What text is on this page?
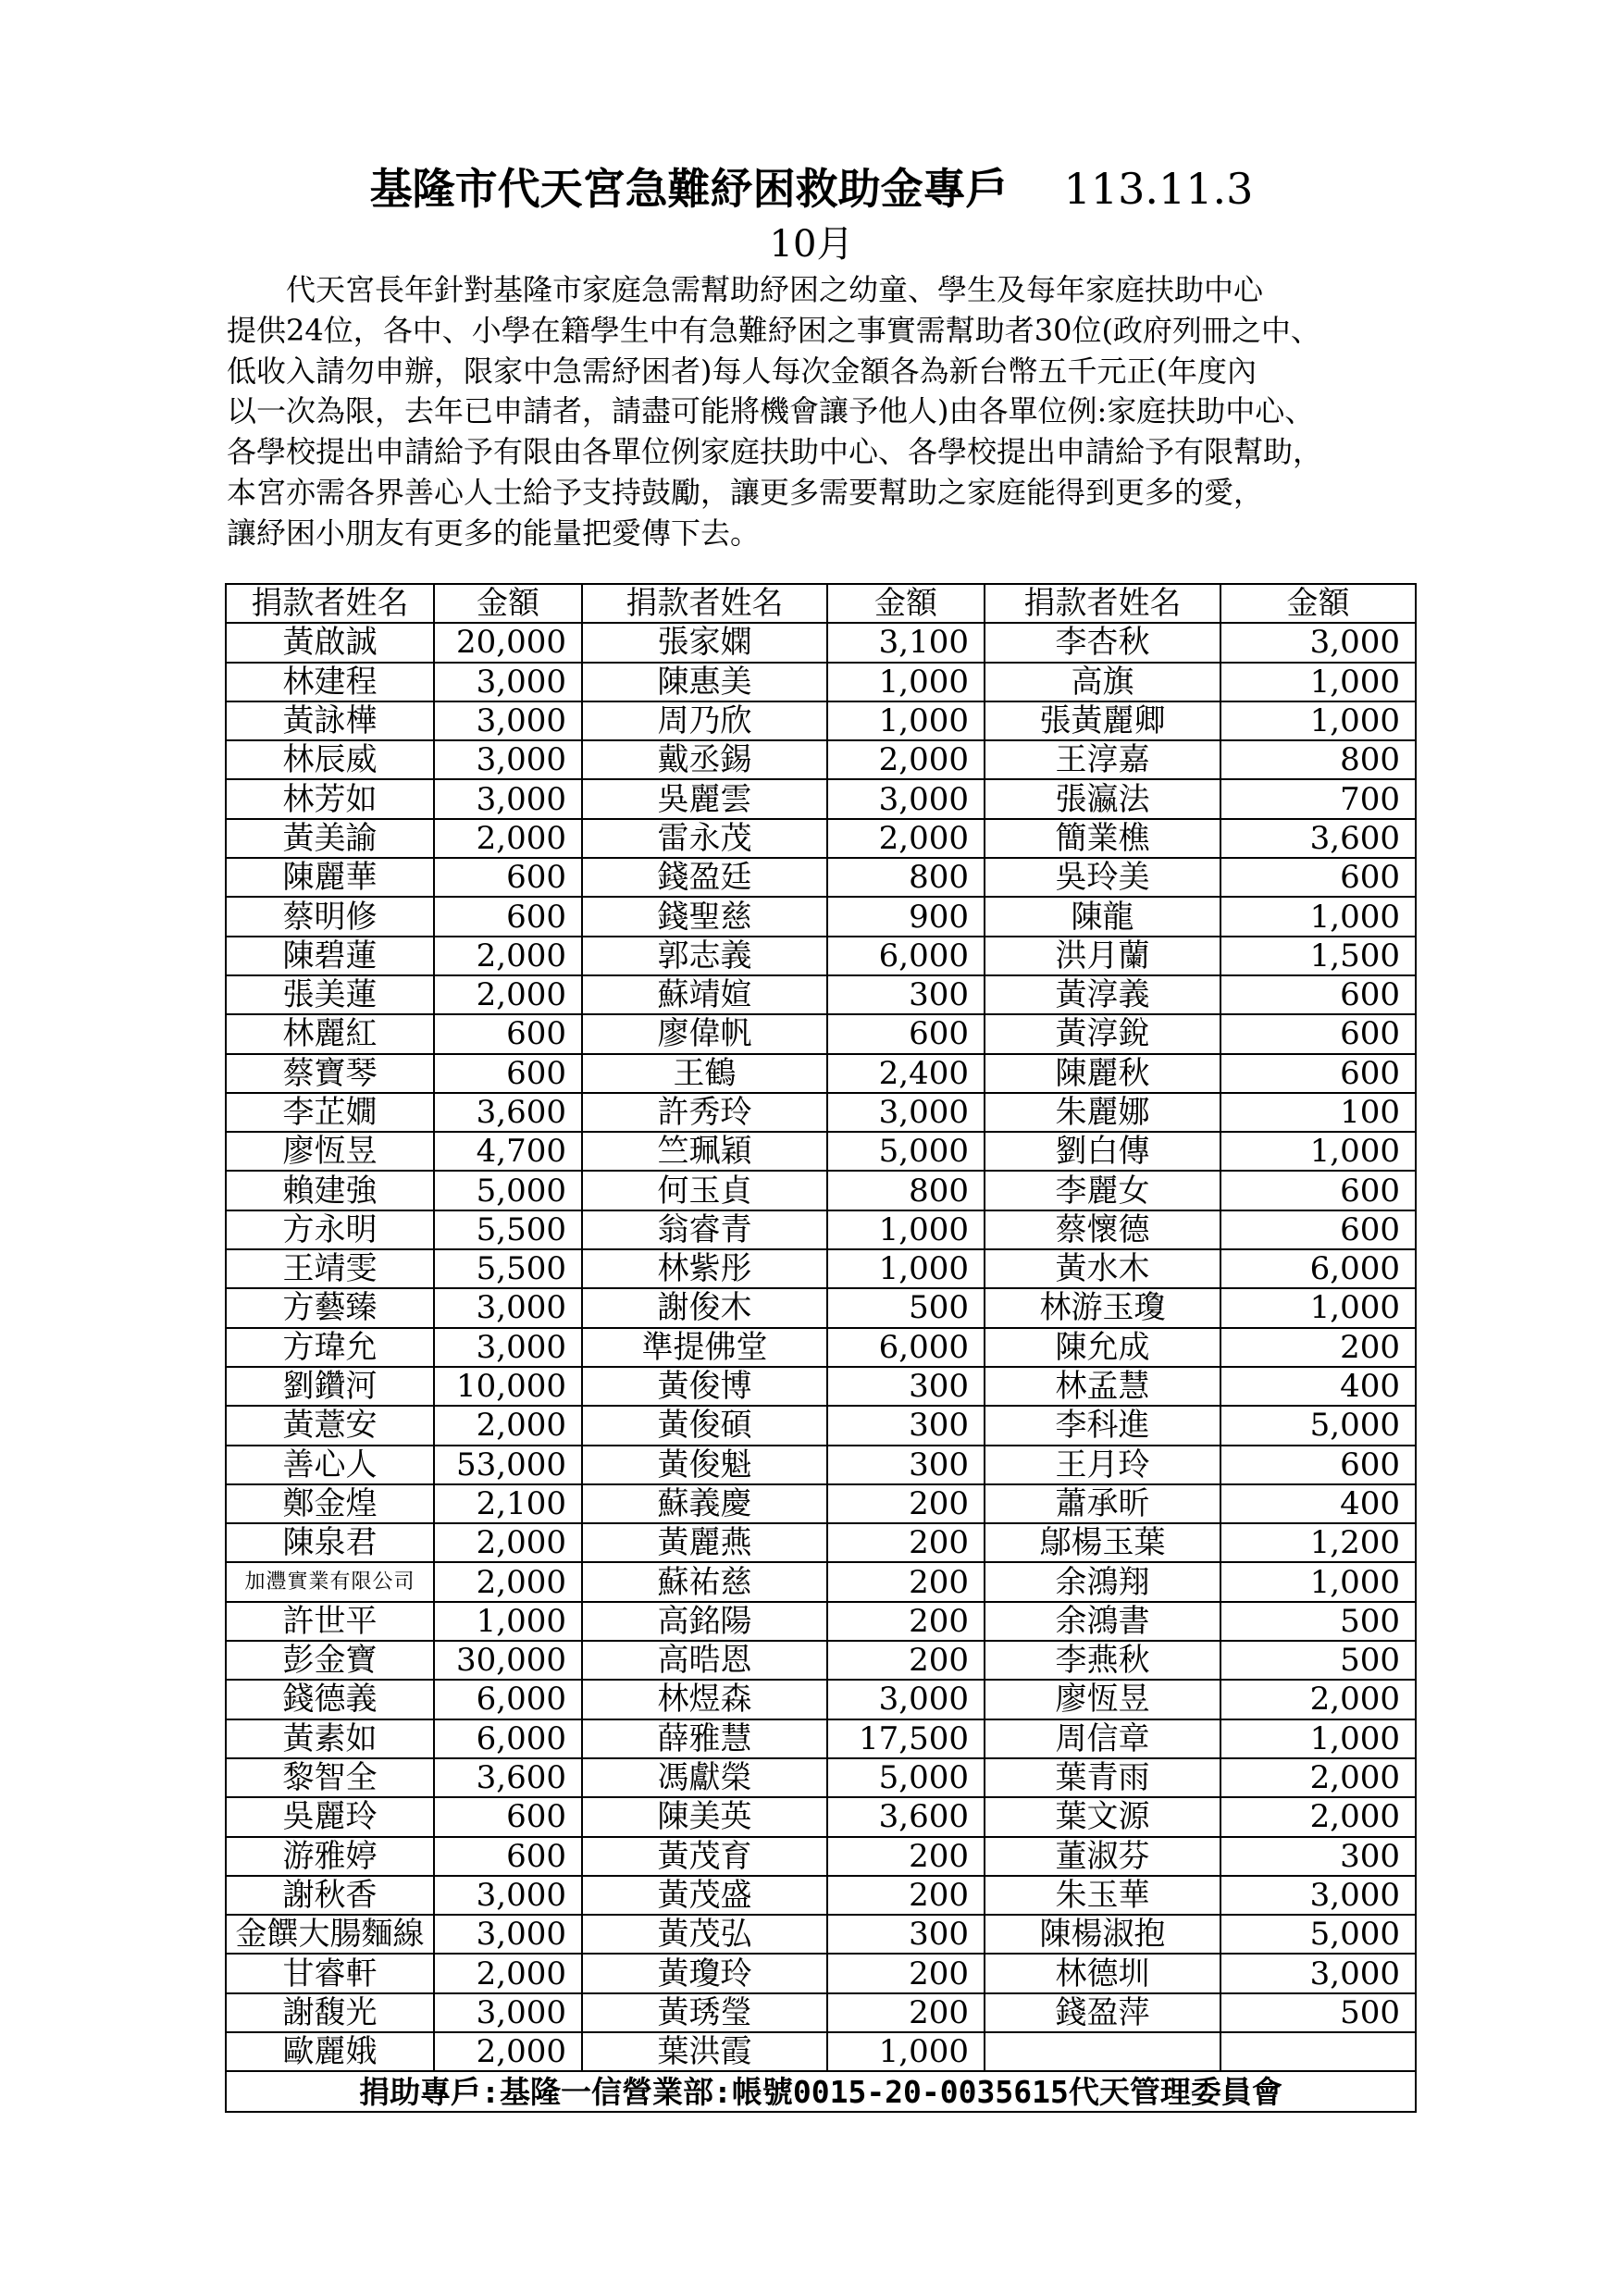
基隆市代天宮急難紓困救助金專戶 113.11.3
10月
　　代天宮長年針對基隆市家庭急需幫助紓困之幼童、學生及每年家庭扶助中心
提供24位，各中、小學在籍學生中有急難紓困之事實需幫助者30位(政府列冊之中、
低收入請勿申辦，限家中急需紓困者)每人每次金額各為新台幣五千元正(年度內
以一次為限，去年已申請者，請盡可能將機會讓予他人)由各單位例:家庭扶助中心、
各學校提出申請給予有限由各單位例家庭扶助中心、各學校提出申請給予有限幫助，
本宮亦需各界善心人士給予支持鼓勵，讓更多需要幫助之家庭能得到更多的愛，
讓紓困小朋友有更多的能量把愛傳下去。
捐款者姓名	金額	捐款者姓名	金額	捐款者姓名	金額
黃啟誠	20,000	張家嫻	3,100	李杏秋	3,000
林建程	3,000	陳惠美	1,000	高旗	1,000
黃詠樺	3,000	周乃欣	1,000	張黃麗卿	1,000
林辰威	3,000	戴丞錫	2,000	王淳嘉	800
林芳如	3,000	吳麗雲	3,000	張瀛法	700
黃美諭	2,000	雷永茂	2,000	簡業樵	3,600
陳麗華	600	錢盈廷	800	吳玲美	600
蔡明修	600	錢聖慈	900	陳龍	1,000
陳碧蓮	2,000	郭志義	6,000	洪月蘭	1,500
張美蓮	2,000	蘇靖媗	300	黃淳義	600
林麗紅	600	廖偉帆	600	黃淳銳	600
蔡寶琴	600	王鶴	2,400	陳麗秋	600
李芷嫺	3,600	許秀玲	3,000	朱麗娜	100
廖恆昱	4,700	竺珮穎	5,000	劉白傳	1,000
賴建強	5,000	何玉貞	800	李麗女	600
方永明	5,500	翁睿青	1,000	蔡懷德	600
王靖雯	5,500	林紫彤	1,000	黃水木	6,000
方藝臻	3,000	謝俊木	500	林游玉瓊	1,000
方瑋允	3,000	準提佛堂	6,000	陳允成	200
劉鑽河	10,000	黃俊博	300	林孟慧	400
黃薏安	2,000	黃俊碩	300	李科進	5,000
善心人	53,000	黃俊魁	300	王月玲	600
鄭金煌	2,100	蘇義慶	200	蕭承昕	400
陳泉君	2,000	黃麗燕	200	鄔楊玉葉	1,200
加灃實業有限公司	2,000	蘇祐慈	200	余鴻翔	1,000
許世平	1,000	高銘陽	200	余鴻書	500
彭金寶	30,000	高晧恩	200	李燕秋	500
錢德義	6,000	林煜森	3,000	廖恆昱	2,000
黃素如	6,000	薛雅慧	17,500	周信章	1,000
黎智全	3,600	馮獻榮	5,000	葉青雨	2,000
吳麗玲	600	陳美英	3,600	葉文源	2,000
游雅婷	600	黃茂育	200	董淑芬	300
謝秋香	3,000	黃茂盛	200	朱玉華	3,000
金饌大腸麵線	3,000	黃茂弘	300	陳楊淑抱	5,000
甘睿軒	2,000	黃瓊玲	200	林德圳	3,000
謝馥光	3,000	黃琇瑩	200	錢盈萍	500
歐麗娥	2,000	葉洪霞	1,000		
捐助專戶:基隆一信營業部:帳號0015-20-0035615代天管理委員會					
